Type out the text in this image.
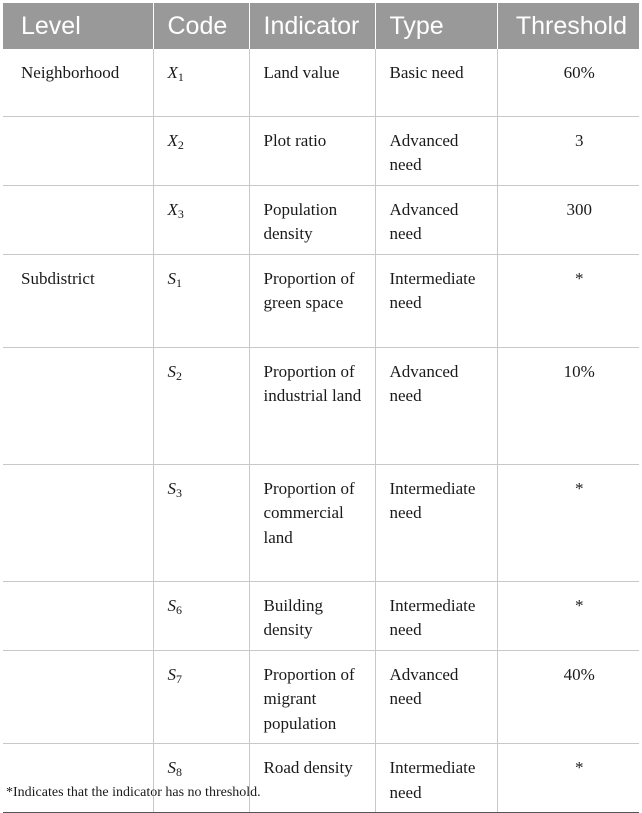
Level	Code	Indicator	Type	Threshold
Neighborhood	$X_1$	Land value	Basic need	60%
	$X_2$	Plot ratio	Advanced need	3
	$X_3$	Population density	Advanced need	300
Subdistrict	$S_1$	Proportion of green space	Intermediate need	*
	$S_2$	Proportion of industrial land	Advanced need	10%
	$S_3$	Proportion of commercial land	Intermediate need	*
	$S_6$	Building density	Intermediate need	*
	$S_7$	Proportion of migrant population	Advanced need	40%
	$S_8$	Road density	Intermediate need	*
*Indicates that the indicator has no threshold.
